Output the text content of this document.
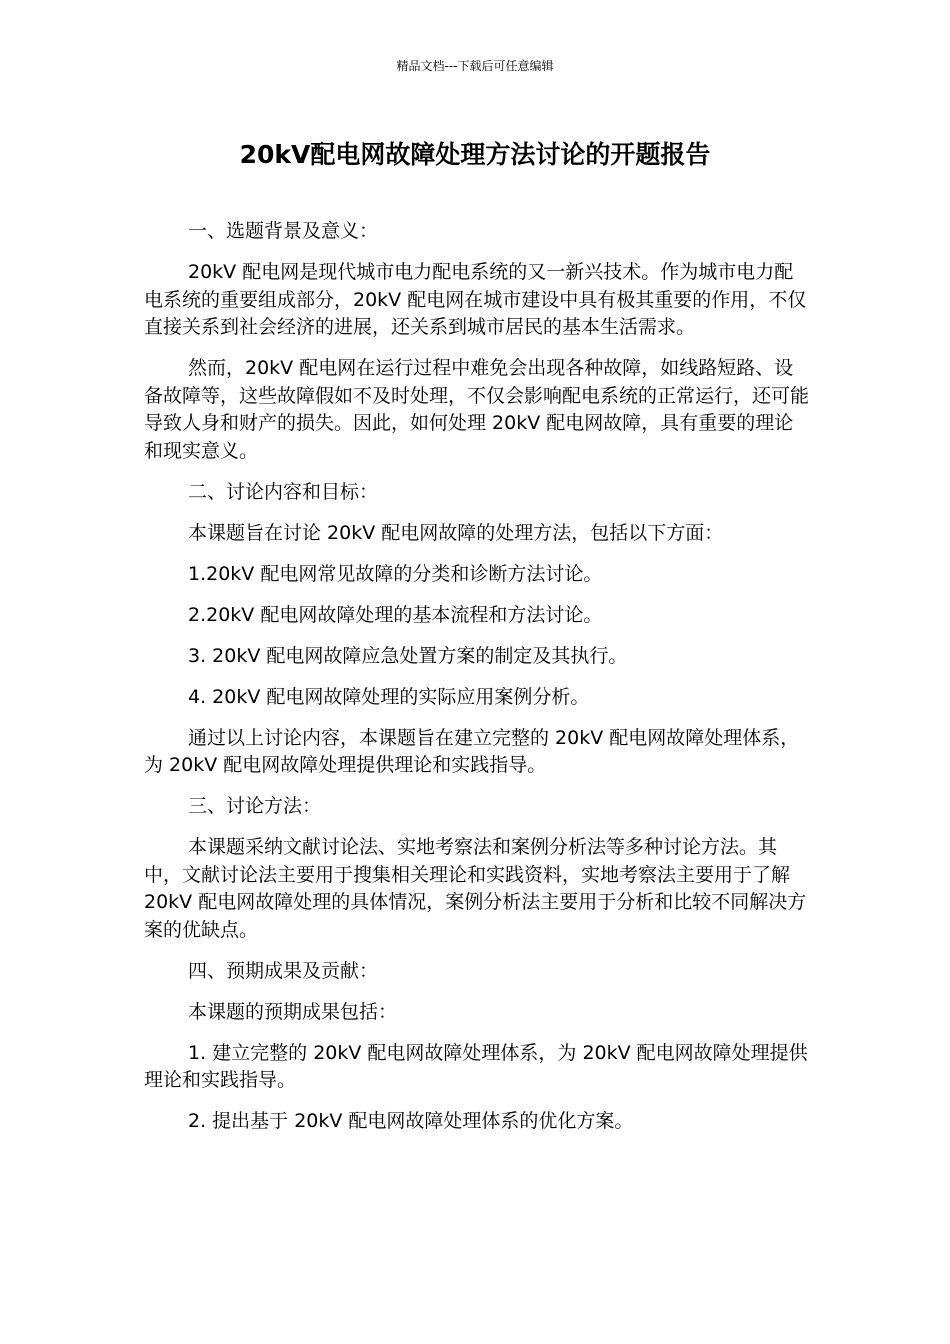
精品文档---下载后可任意编辑
20kV配电网故障处理方法讨论的开题报告

一、选题背景及意义：

20kV 配电网是现代城市电力配电系统的又一新兴技术。作为城市电力配电系统的重要组成部分，20kV 配电网在城市建设中具有极其重要的作用，不仅直接关系到社会经济的进展，还关系到城市居民的基本生活需求。

然而，20kV 配电网在运行过程中难免会出现各种故障，如线路短路、设备故障等，这些故障假如不及时处理，不仅会影响配电系统的正常运行，还可能导致人身和财产的损失。因此，如何处理 20kV 配电网故障，具有重要的理论和现实意义。

二、讨论内容和目标：

本课题旨在讨论 20kV 配电网故障的处理方法，包括以下方面：

1.20kV 配电网常见故障的分类和诊断方法讨论。

2.20kV 配电网故障处理的基本流程和方法讨论。

3. 20kV 配电网故障应急处置方案的制定及其执行。

4. 20kV 配电网故障处理的实际应用案例分析。

通过以上讨论内容，本课题旨在建立完整的 20kV 配电网故障处理体系，为 20kV 配电网故障处理提供理论和实践指导。

三、讨论方法：

本课题采纳文献讨论法、实地考察法和案例分析法等多种讨论方法。其中，文献讨论法主要用于搜集相关理论和实践资料，实地考察法主要用于了解 20kV 配电网故障处理的具体情况，案例分析法主要用于分析和比较不同解决方案的优缺点。

四、预期成果及贡献：

本课题的预期成果包括：

1. 建立完整的 20kV 配电网故障处理体系，为 20kV 配电网故障处理提供理论和实践指导。

2. 提出基于 20kV 配电网故障处理体系的优化方案。
